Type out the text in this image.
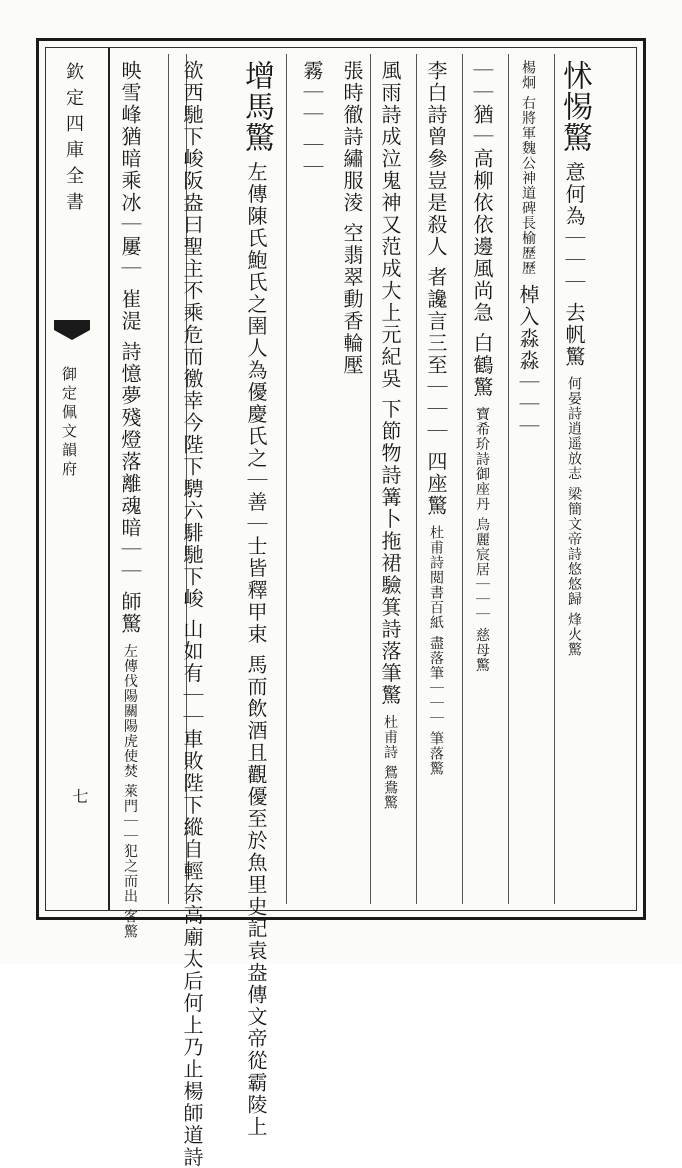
欽定四庫全書
御定佩文韻府
七
怵惕驚 意何為｜｜｜ 去帆驚 何晏詩逍遥放志 梁簡文帝詩悠悠歸 烽火驚
楊炯 右將軍魏公神道碑長榆歷歷 棹入淼淼｜｜｜
｜｜猶｜高柳依依邊風尚急 白鶴驚 寶希玠詩御座丹 烏麗宸居｜｜｜ 慈母驚
李白詩曾參豈是殺人 者讒言三至｜｜｜ 四座驚 杜甫詩閲書百紙 盡落筆｜｜｜ 筆落驚
風雨詩成泣鬼神又范成大上元紀吳 下節物詩篝卜拖裙驗箕詩落筆驚 杜甫詩 鴛鴦驚
張時徹詩繡服淩 空翡翠動香輪壓
霧｜｜ ｜｜
增馬驚 左傳陳氏鮑氏之圉人為優慶氏之｜善｜士皆釋甲束 馬而飲酒且觀優至於魚里史記袁盎傳文帝從霸陵上
欲西馳下峻阪盎曰聖主不乘危而徼幸今陛下騁六騑馳下峻 山如有｜｜車敗陛下縱自輕奈高廟太后何上乃止楊師道詩
映雪峰猶暗乘冰｜屢｜ 崔湜 詩憶夢殘燈落離魂暗｜｜ 師驚 左傳伐陽關陽虎使焚 萊門｜｜犯之而出 客驚
